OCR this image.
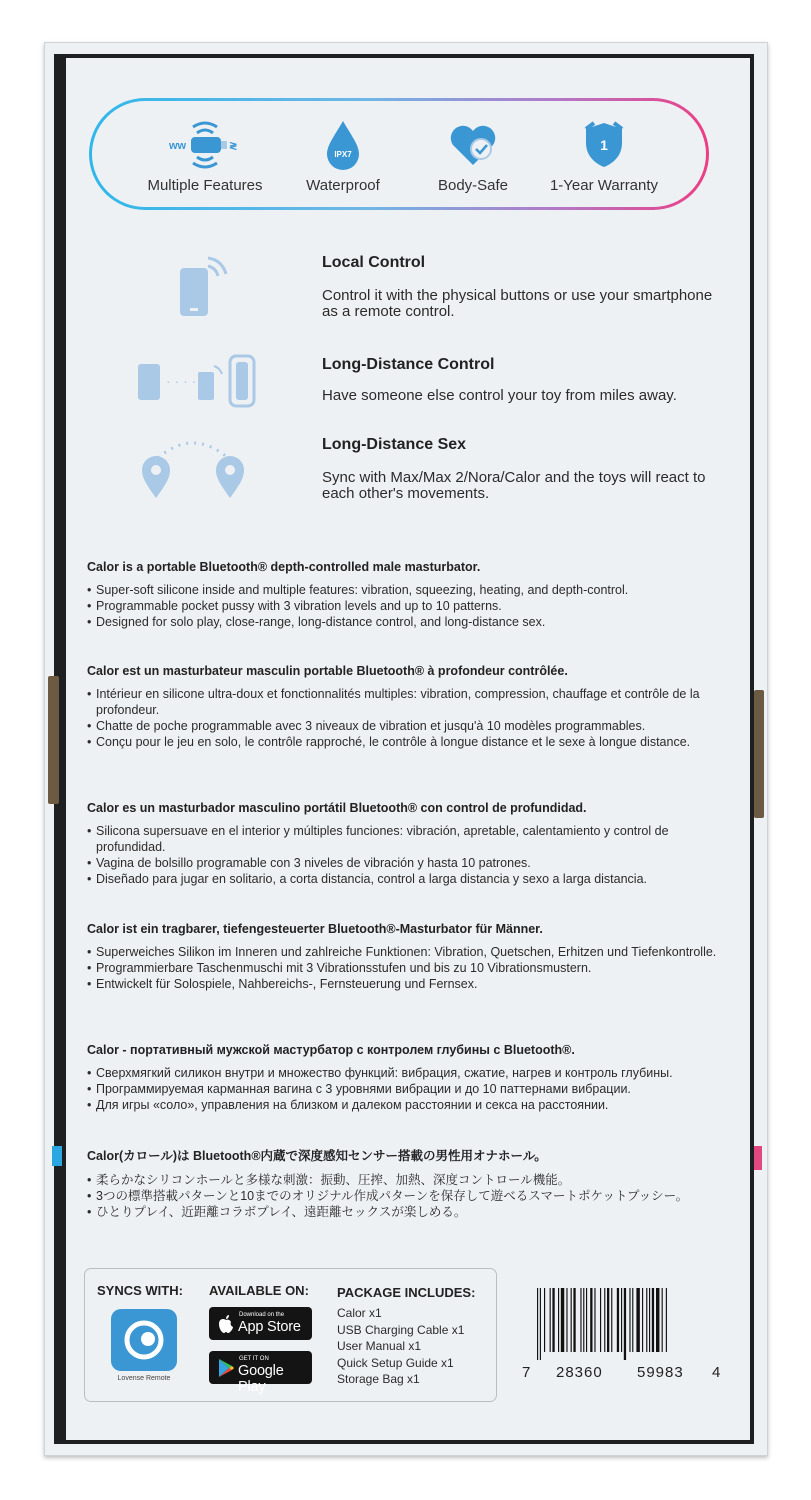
ww	≷
Multiple Features
IPX7
Waterproof	Body-Safe
1
1-Year Warranty
· · · ·
Local Control

Control it with the physical buttons or use your smartphone as a remote control.

Long-Distance Control

Have someone else control your toy from miles away.

Long-Distance Sex

Sync with Max/Max 2/Nora/Calor and the toys will react to each other's movements.

Calor is a portable Bluetooth® depth-controlled male masturbator.
• Super-soft silicone inside and multiple features: vibration, squeezing, heating, and depth-control.
• Programmable pocket pussy with 3 vibration levels and up to 10 patterns.
• Designed for solo play, close-range, long-distance control, and long-distance sex.
Calor est un masturbateur masculin portable Bluetooth® à profondeur contrôlée.
• Intérieur en silicone ultra-doux et fonctionnalités multiples: vibration, compression, chauffage et contrôle de la profondeur.
• Chatte de poche programmable avec 3 niveaux de vibration et jusqu'à 10 modèles programmables.
• Conçu pour le jeu en solo, le contrôle rapproché, le contrôle à longue distance et le sexe à longue distance.
Calor es un masturbador masculino portátil Bluetooth® con control de profundidad.
• Silicona supersuave en el interior y múltiples funciones: vibración, apretable, calentamiento y control de profundidad.
• Vagina de bolsillo programable con 3 niveles de vibración y hasta 10 patrones.
• Diseñado para jugar en solitario, a corta distancia, control a larga distancia y sexo a larga distancia.
Calor ist ein tragbarer, tiefengesteuerter Bluetooth®-Masturbator für Männer.
• Superweiches Silikon im Inneren und zahlreiche Funktionen: Vibration, Quetschen, Erhitzen und Tiefenkontrolle.
• Programmierbare Taschenmuschi mit 3 Vibrationsstufen und bis zu 10 Vibrationsmustern.
• Entwickelt für Solospiele, Nahbereichs-, Fernsteuerung und Fernsex.
Calor - портативный мужской мастурбатор с контролем глубины с Bluetooth®.
• Сверхмягкий силикон внутри и множество функций: вибрация, сжатие, нагрев и контроль глубины.
• Программируемая карманная вагина с 3 уровнями вибрации и до 10 паттернами вибрации.
• Для игры «соло», управления на близком и далеком расстоянии и секса на расстоянии.
Calor(カロール)は Bluetooth®内蔵で深度感知センサー搭載の男性用オナホール。
• 柔らかなシリコンホールと多様な刺激：振動、圧搾、加熱、深度コントロール機能。
• 3つの標準搭載パターンと10までのオリジナル作成パターンを保存して遊べるスマートポケットプッシー。
• ひとりプレイ、近距離コラボプレイ、遠距離セックスが楽しめる。
SYNCS WITH:
Lovense Remote
AVAILABLE ON:
Download on the
App Store
GET IT ON
Google Play
PACKAGE INCLUDES:
Calor x1
USB Charging Cable x1
User Manual x1
Quick Setup Guide x1
Storage Bag x1	7 28360 59983 4
